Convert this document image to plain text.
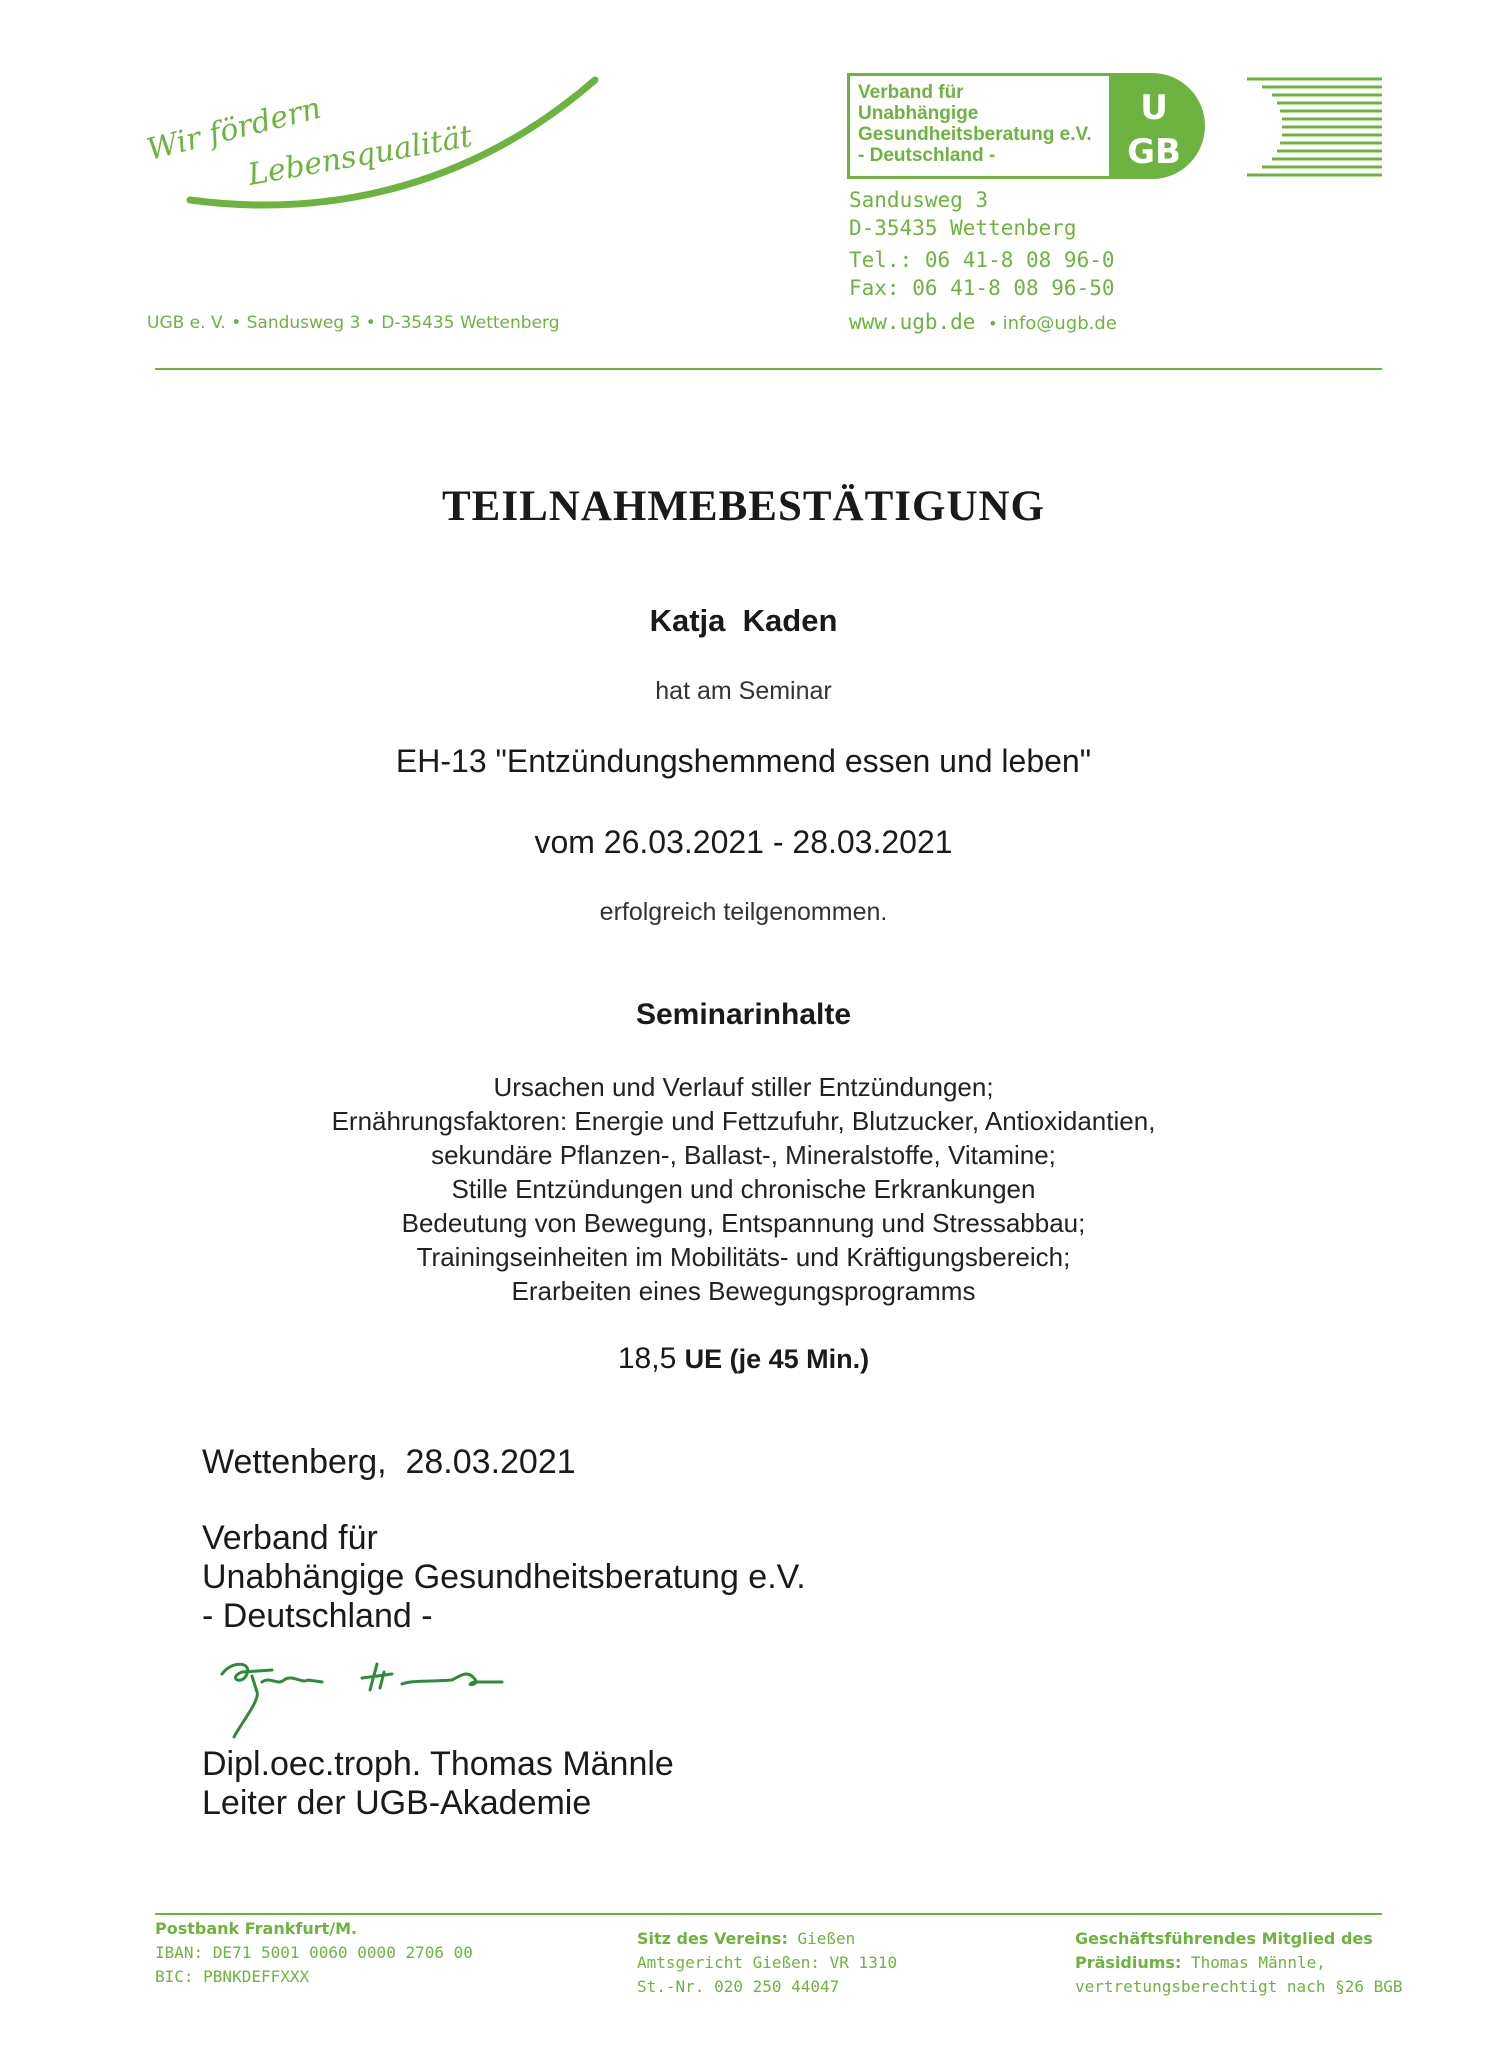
Wir fördern
Lebensqualität
Verband für
Unabhängige
Gesundheitsberatung e.V.
- Deutschland -
U
GB
Sandusweg 3
D-35435 Wettenberg
Tel.: 06 41-8 08 96-0
Fax: 06 41-8 08 96-50
www.ugb.de • info@ugb.de
UGB e. V. • Sandusweg 3 • D-35435 Wettenberg
TEILNAHMEBESTÄTIGUNG
Katja  Kaden
hat am Seminar
EH-13 "Entzündungshemmend essen und leben"
vom 26.03.2021 - 28.03.2021
erfolgreich teilgenommen.
Seminarinhalte
Ursachen und Verlauf stiller Entzündungen;
Ernährungsfaktoren: Energie und Fettzufuhr, Blutzucker, Antioxidantien,
sekundäre Pflanzen-, Ballast-, Mineralstoffe, Vitamine;
Stille Entzündungen und chronische Erkrankungen
Bedeutung von Bewegung, Entspannung und Stressabbau;
Trainingseinheiten im Mobilitäts- und Kräftigungsbereich;
Erarbeiten eines Bewegungsprogramms
18,5 UE (je 45 Min.)
Wettenberg,  28.03.2021
Verband für
Unabhängige Gesundheitsberatung e.V.
- Deutschland -
Dipl.oec.troph. Thomas Männle
Leiter der UGB-Akademie
Postbank Frankfurt/M.
IBAN: DE71 5001 0060 0000 2706 00
BIC: PBNKDEFFXXX
Sitz des Vereins: Gießen
Amtsgericht Gießen: VR 1310
St.-Nr. 020 250 44047
Geschäftsführendes Mitglied des
Präsidiums: Thomas Männle,
vertretungsberechtigt nach §26 BGB
